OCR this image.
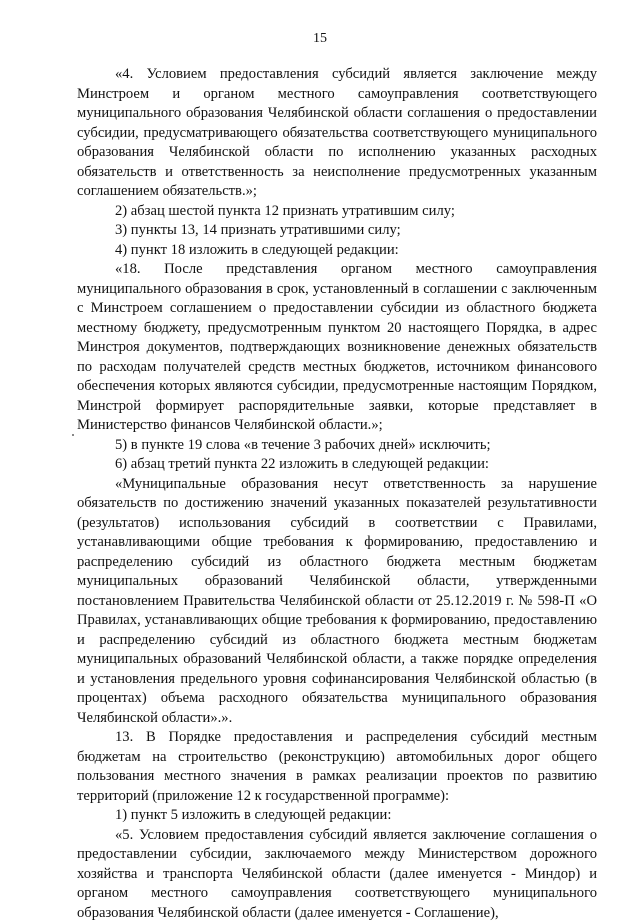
15

«4. Условием предоставления субсидий является заключение между Минстроем и органом местного самоуправления соответствующего муниципального образования Челябинской области соглашения о предоставлении субсидии, предусматривающего обязательства соответствующего муниципального образования Челябинской области по исполнению указанных расходных обязательств и ответственность за неисполнение предусмотренных указанным соглашением обязательств.»;

2) абзац шестой пункта 12 признать утратившим силу;

3) пункты 13, 14 признать утратившими силу;

4) пункт 18 изложить в следующей редакции:

«18. После представления органом местного самоуправления муниципального образования в срок, установленный в соглашении с заключенным с Минстроем соглашением о предоставлении субсидии из областного бюджета местному бюджету, предусмотренным пунктом 20 настоящего Порядка, в адрес Минстроя документов, подтверждающих возникновение денежных обязательств по расходам получателей средств местных бюджетов, источником финансового обеспечения которых являются субсидии, предусмотренные настоящим Порядком, Минстрой формирует распорядительные заявки, которые представляет в Министерство финансов Челябинской области.»;

5) в пункте 19 слова «в течение 3 рабочих дней» исключить;

6) абзац третий пункта 22 изложить в следующей редакции:

«Муниципальные образования несут ответственность за нарушение обязательств по достижению значений указанных показателей результативности (результатов) использования субсидий в соответствии с Правилами, устанавливающими общие требования к формированию, предоставлению и распределению субсидий из областного бюджета местным бюджетам муниципальных образований Челябинской области, утвержденными постановлением Правительства Челябинской области от 25.12.2019 г. № 598-П «О Правилах, устанавливающих общие требования к формированию, предоставлению и распределению субсидий из областного бюджета местным бюджетам муниципальных образований Челябинской области, а также порядке определения и установления предельного уровня софинансирования Челябинской областью (в процентах) объема расходного обязательства муниципального образования Челябинской области».».

13. В Порядке предоставления и распределения субсидий местным бюджетам на строительство (реконструкцию) автомобильных дорог общего пользования местного значения в рамках реализации проектов по развитию территорий (приложение 12 к государственной программе):

1) пункт 5 изложить в следующей редакции:

«5. Условием предоставления субсидий является заключение соглашения о предоставлении субсидии, заключаемого между Министерством дорожного хозяйства и транспорта Челябинской области (далее именуется - Миндор) и органом местного самоуправления соответствующего муниципального образования Челябинской области (далее именуется - Соглашение),
